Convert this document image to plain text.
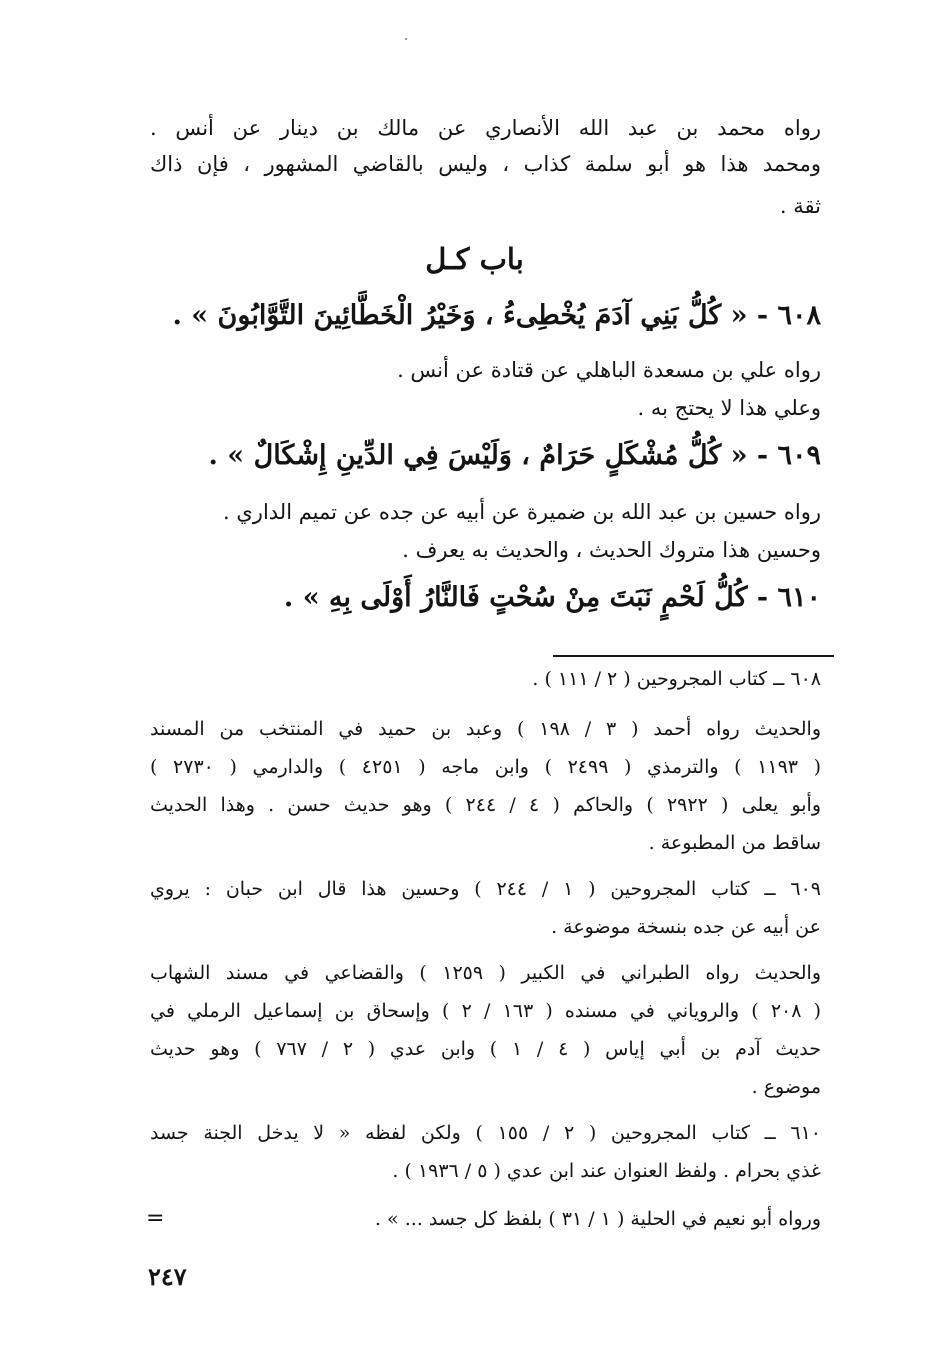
رواه محمد بن عبد الله الأنصاري عن مالك بن دينار عن أنس .
ومحمد هذا هو أبو سلمة كذاب ، وليس بالقاضي المشهور ، فإن ذاك
ثقة .
باب كـل
٦٠٨ - « كُلُّ بَنِي آدَمَ يُخْطِىءُ ، وَخَيْرُ الْخَطَّائِينَ التَّوَّابُونَ » .
رواه علي بن مسعدة الباهلي عن قتادة عن أنس .
وعلي هذا لا يحتج به .
٦٠٩ - « كُلُّ مُشْكَلٍ حَرَامٌ ، وَلَيْسَ فِي الدِّينِ إِشْكَالٌ » .
رواه حسين بن عبد الله بن ضميرة عن أبيه عن جده عن تميم الداري .
وحسين هذا متروك الحديث ، والحديث به يعرف .
٦١٠ - كُلُّ لَحْمٍ نَبَتَ مِنْ سُحْتٍ فَالنَّارُ أَوْلَى بِهِ » .
٦٠٨ ــ كتاب المجروحين ( ٢ / ١١١ ) .
والحديث رواه أحمد ( ٣ / ١٩٨ ) وعبد بن حميد في المنتخب من المسند
( ١١٩٣ ) والترمذي ( ٢٤٩٩ ) وابن ماجه ( ٤٢٥١ ) والدارمي ( ٢٧٣٠ )
وأبو يعلى ( ٢٩٢٢ ) والحاكم ( ٤ / ٢٤٤ ) وهو حديث حسن . وهذا الحديث
ساقط من المطبوعة .
٦٠٩ ــ كتاب المجروحين ( ١ / ٢٤٤ ) وحسين هذا قال ابن حبان : يروي
عن أبيه عن جده بنسخة موضوعة .
والحديث رواه الطبراني في الكبير ( ١٢٥٩ ) والقضاعي في مسند الشهاب
( ٢٠٨ ) والروياني في مسنده ( ١٦٣ / ٢ ) وإسحاق بن إسماعيل الرملي في
حديث آدم بن أبي إياس ( ٤ / ١ ) وابن عدي ( ٢ / ٧٦٧ ) وهو حديث
موضوع .
٦١٠ ــ كتاب المجروحين ( ٢ / ١٥٥ ) ولكن لفظه « لا يدخل الجنة جسد
غذي بحرام . ولفظ العنوان عند ابن عدي ( ٥ / ١٩٣٦ ) .
ورواه أبو نعيم في الحلية ( ١ / ٣١ ) بلفظ كل جسد ... » .
=
٢٤٧
